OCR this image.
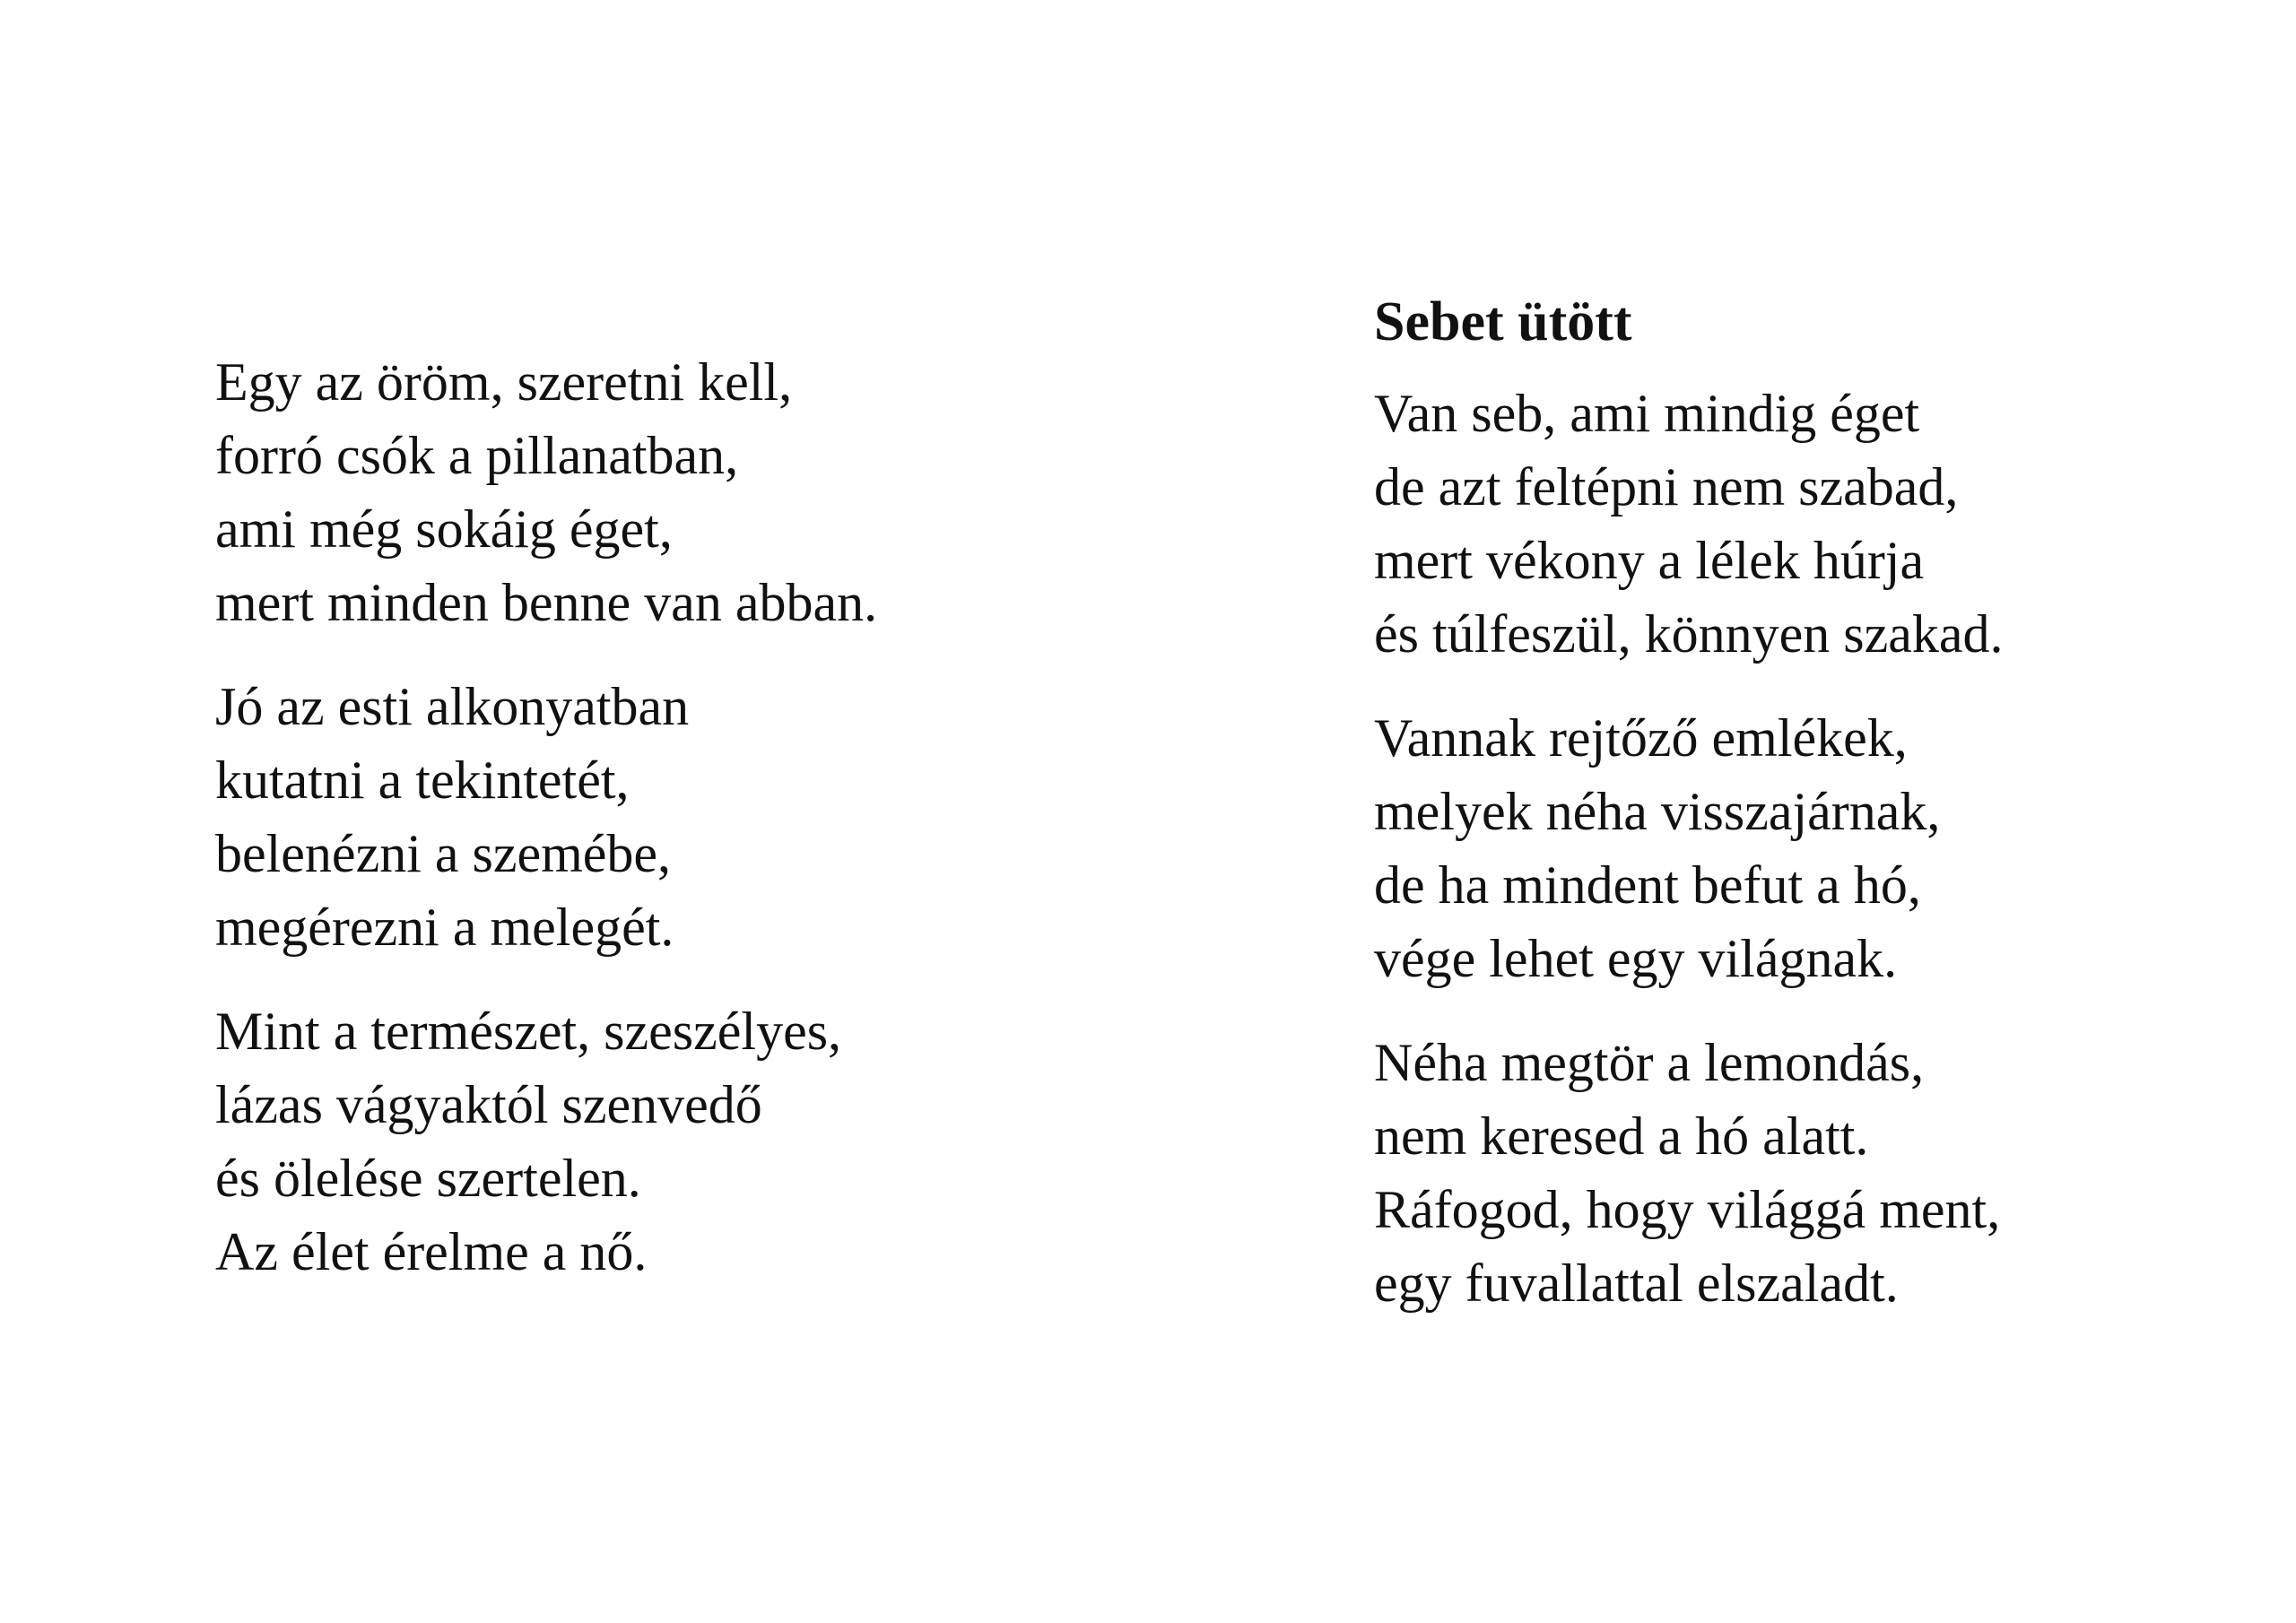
Egy az öröm, szeretni kell,
forró csók a pillanatban,
ami még sokáig éget,
mert minden benne van abban.
Jó az esti alkonyatban
kutatni a tekintetét,
belenézni a szemébe,
megérezni a melegét.
Mint a természet, szeszélyes,
lázas vágyaktól szenvedő
és ölelése szertelen.
Az élet érelme a nő.
Sebet ütött
Van seb, ami mindig éget
de azt feltépni nem szabad,
mert vékony a lélek húrja
és túlfeszül, könnyen szakad.
Vannak rejtőző emlékek,
melyek néha visszajárnak,
de ha mindent befut a hó,
vége lehet egy világnak.
Néha megtör a lemondás,
nem keresed a hó alatt.
Ráfogod, hogy világgá ment,
egy fuvallattal elszaladt.
